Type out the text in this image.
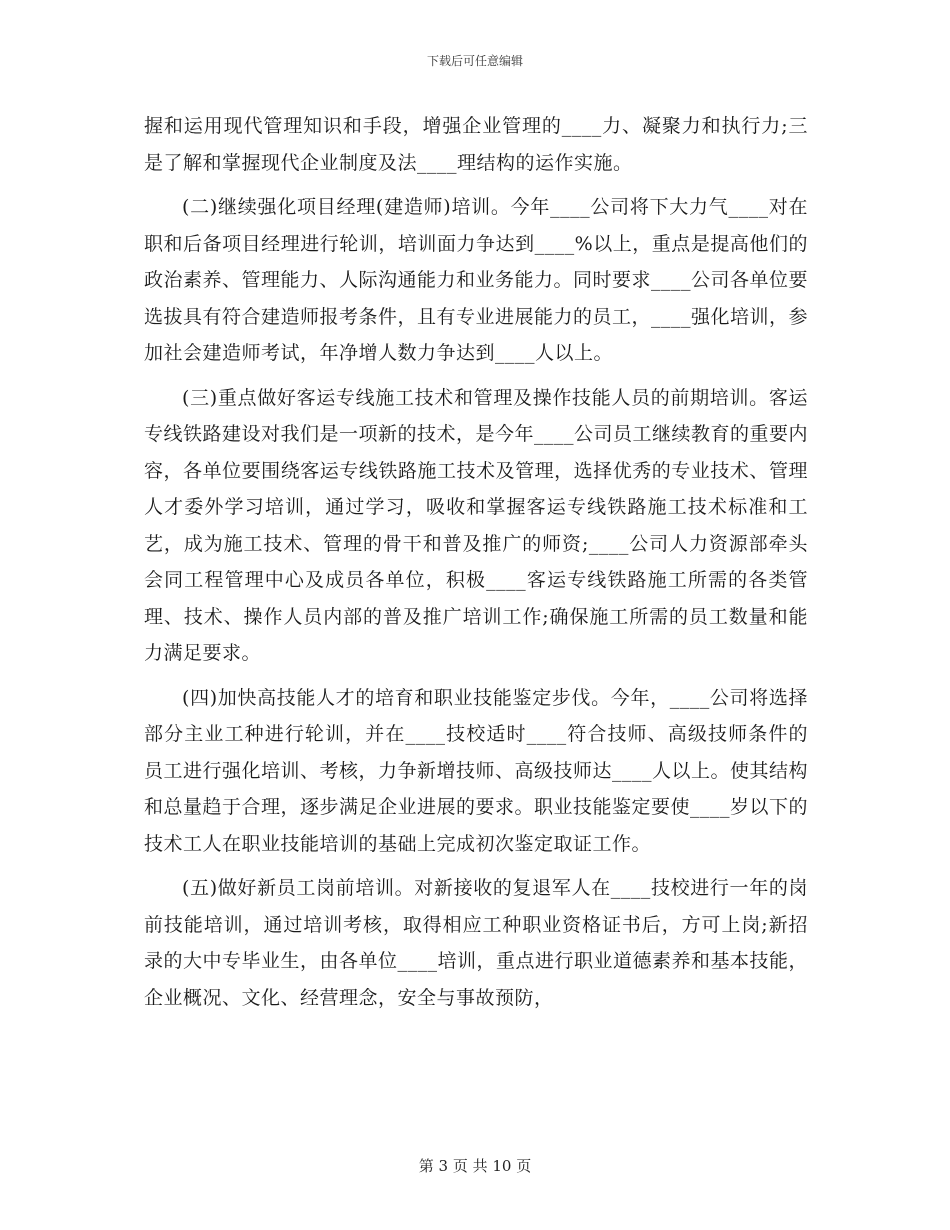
下载后可任意编辑

握和运用现代管理知识和手段，增强企业管理的____力、凝聚力和执行力;三是了解和掌握现代企业制度及法____理结构的运作实施。

(二)继续强化项目经理(建造师)培训。今年____公司将下大力气____对在职和后备项目经理进行轮训，培训面力争达到____%以上，重点是提高他们的政治素养、管理能力、人际沟通能力和业务能力。同时要求____公司各单位要选拔具有符合建造师报考条件，且有专业进展能力的员工，____强化培训，参加社会建造师考试，年净增人数力争达到____人以上。

(三)重点做好客运专线施工技术和管理及操作技能人员的前期培训。客运专线铁路建设对我们是一项新的技术，是今年____公司员工继续教育的重要内容，各单位要围绕客运专线铁路施工技术及管理，选择优秀的专业技术、管理人才委外学习培训，通过学习，吸收和掌握客运专线铁路施工技术标准和工艺，成为施工技术、管理的骨干和普及推广的师资;____公司人力资源部牵头会同工程管理中心及成员各单位，积极____客运专线铁路施工所需的各类管理、技术、操作人员内部的普及推广培训工作;确保施工所需的员工数量和能力满足要求。

(四)加快高技能人才的培育和职业技能鉴定步伐。今年，____公司将选择部分主业工种进行轮训，并在____技校适时____符合技师、高级技师条件的员工进行强化培训、考核，力争新增技师、高级技师达____人以上。使其结构和总量趋于合理，逐步满足企业进展的要求。职业技能鉴定要使____岁以下的技术工人在职业技能培训的基础上完成初次鉴定取证工作。

(五)做好新员工岗前培训。对新接收的复退军人在____技校进行一年的岗前技能培训，通过培训考核，取得相应工种职业资格证书后，方可上岗;新招录的大中专毕业生，由各单位____培训，重点进行职业道德素养和基本技能，企业概况、文化、经营理念，安全与事故预防，

第 3 页 共 10 页
